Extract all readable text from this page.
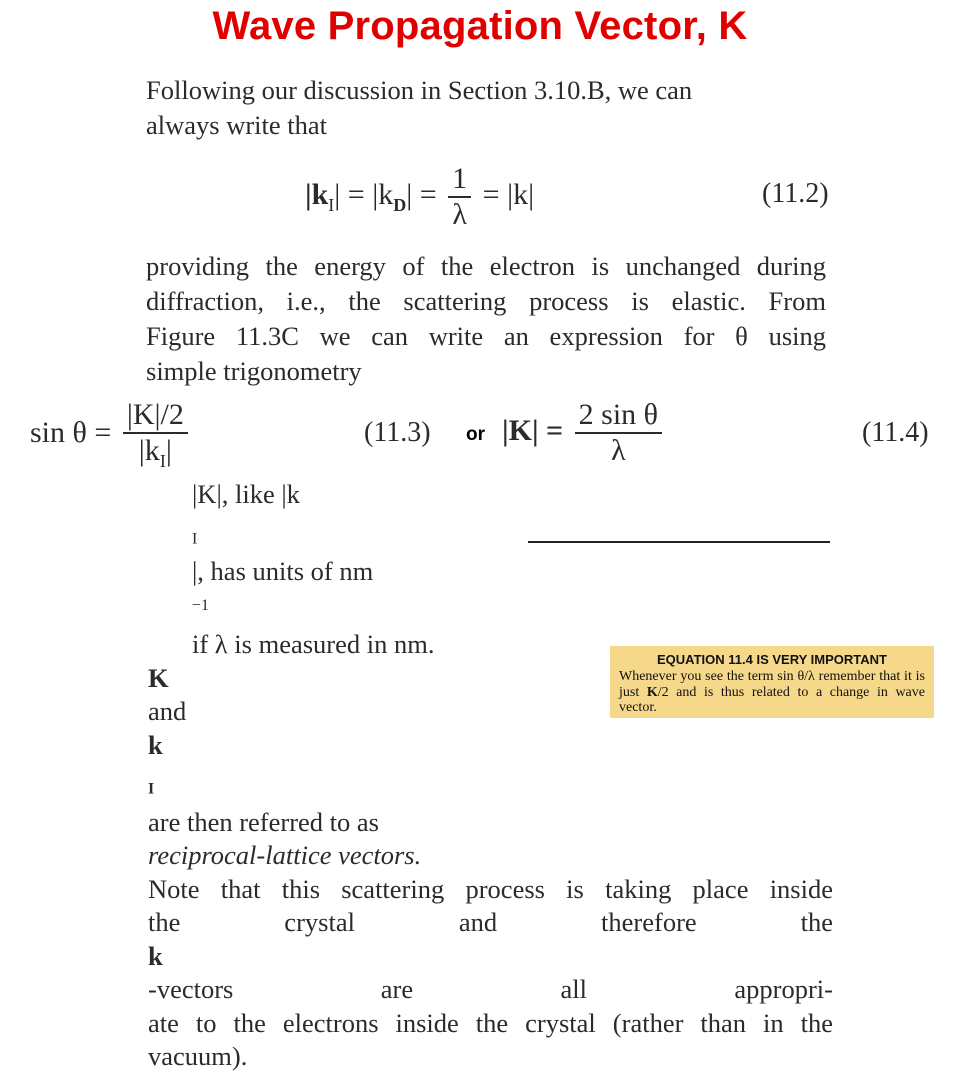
Wave Propagation Vector, K
Following our discussion in Section 3.10.B, we can
always write that
$|k_I| = |k_D| = \frac{1}{\lambda} = |k|$	(11.2)
providing the energy of the electron is unchanged during
diffraction, i.e., the scattering process is elastic. From
Figure 11.3C we can write an expression for θ using
simple trigonometry
$\sin \theta = \frac{|K|/2}{|k_I|}$	(11.3) or $|K| = \frac{\text{2 sin θ}}{\lambda}$	(11.4)
|K|, like |k
$_I$
|, has units of nm
$^{-1}$
if λ is measured in nm.
K
and
k
$_I$
are then referred to as
reciprocal-lattice vectors.
Note that this scattering process is taking place inside
the crystal and therefore the
k
-vectors are all appropri-
ate to the electrons inside the crystal (rather than in the
vacuum).
EQUATION 11.4 IS VERY IMPORTANT
Whenever you see the term sin θ/λ remember that it is just K/2 and is thus related to a change in wave vector.
